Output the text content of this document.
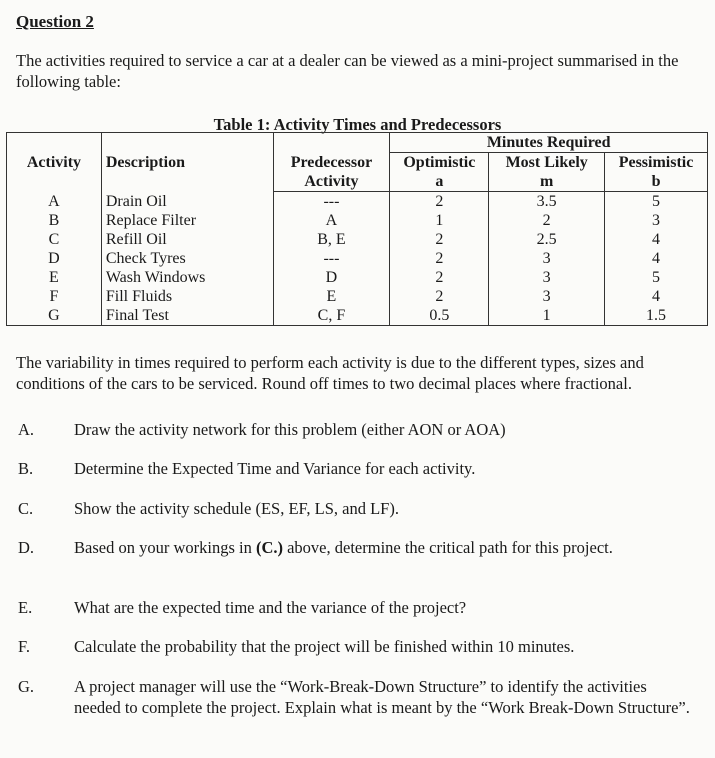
Question 2
The activities required to service a car at a dealer can be viewed as a mini-project summarised in the following table:
Table 1: Activity Times and Predecessors
Activity	Description		Minutes Required		
		Predecessor	Optimistic	Most Likely	Pessimistic
		Activity	a	m	b
A	Drain Oil	---	2	3.5	5
B	Replace Filter	A	1	2	3
C	Refill Oil	B, E	2	2.5	4
D	Check Tyres	---	2	3	4
E	Wash Windows	D	2	3	5
F	Fill Fluids	E	2	3	4
G	Final Test	C, F	0.5	1	1.5
The variability in times required to perform each activity is due to the different types, sizes and conditions of the cars to be serviced. Round off times to two decimal places where fractional.
A. Draw the activity network for this problem (either AON or AOA)
B. Determine the Expected Time and Variance for each activity.
C. Show the activity schedule (ES, EF, LS, and LF).
D. Based on your workings in (C.) above, determine the critical path for this project.
E.	What are the expected time and the variance of the project?
F.	Calculate the probability that the project will be finished within 10 minutes.
G. A project manager will use the “Work-Break-Down Structure” to identify the activities needed to complete the project. Explain what is meant by the “Work Break-Down Structure”.
